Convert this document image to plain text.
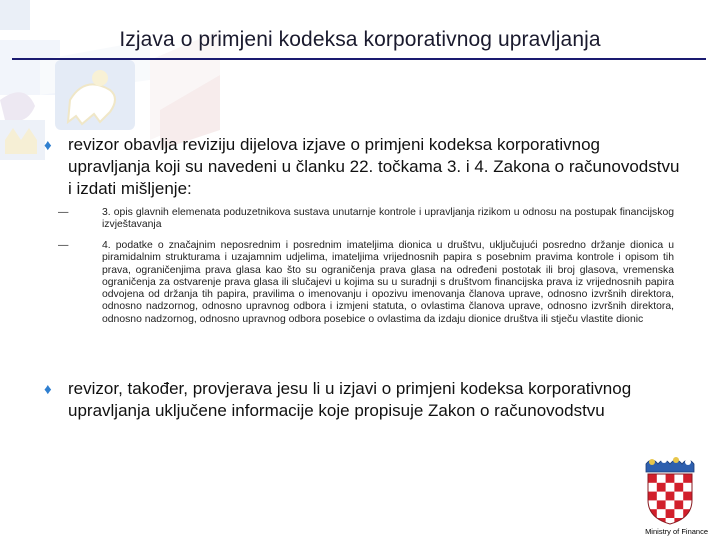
Izjava o primjeni kodeksa korporativnog upravljanja
♦ revizor obavlja reviziju dijelova izjave o primjeni kodeksa korporativnog upravljanja koji su navedeni u članku 22. točkama 3. i 4. Zakona o računovodstvu i izdati mišljenje:
—	3. opis glavnih elemenata poduzetnikova sustava unutarnje kontrole i upravljanja rizikom u odnosu na postupak financijskog izvještavanja
—	4. podatke o značajnim neposrednim i posrednim imateljima dionica u društvu, uključujući posredno držanje dionica u piramidalnim strukturama i uzajamnim udjelima, imateljima vrijednosnih papira s posebnim pravima kontrole i opisom tih prava, ograničenjima prava glasa kao što su ograničenja prava glasa na određeni postotak ili broj glasova, vremenska ograničenja za ostvarenje prava glasa ili slučajevi u kojima su u suradnji s društvom financijska prava iz vrijednosnih papira odvojena od držanja tih papira, pravilima o imenovanju i opozivu imenovanja članova uprave, odnosno izvršnih direktora, odnosno nadzornog, odnosno upravnog odbora i izmjeni statuta, o ovlastima članova uprave, odnosno izvršnih direktora, odnosno nadzornog, odnosno upravnog odbora posebice o ovlastima da izdaju dionice društva ili stječu vlastite dionic
♦ revizor, također, provjerava jesu li u izjavi o primjeni kodeksa korporativnog upravljanja uključene informacije koje propisuje Zakon o računovodstvu
Ministry of Finance
